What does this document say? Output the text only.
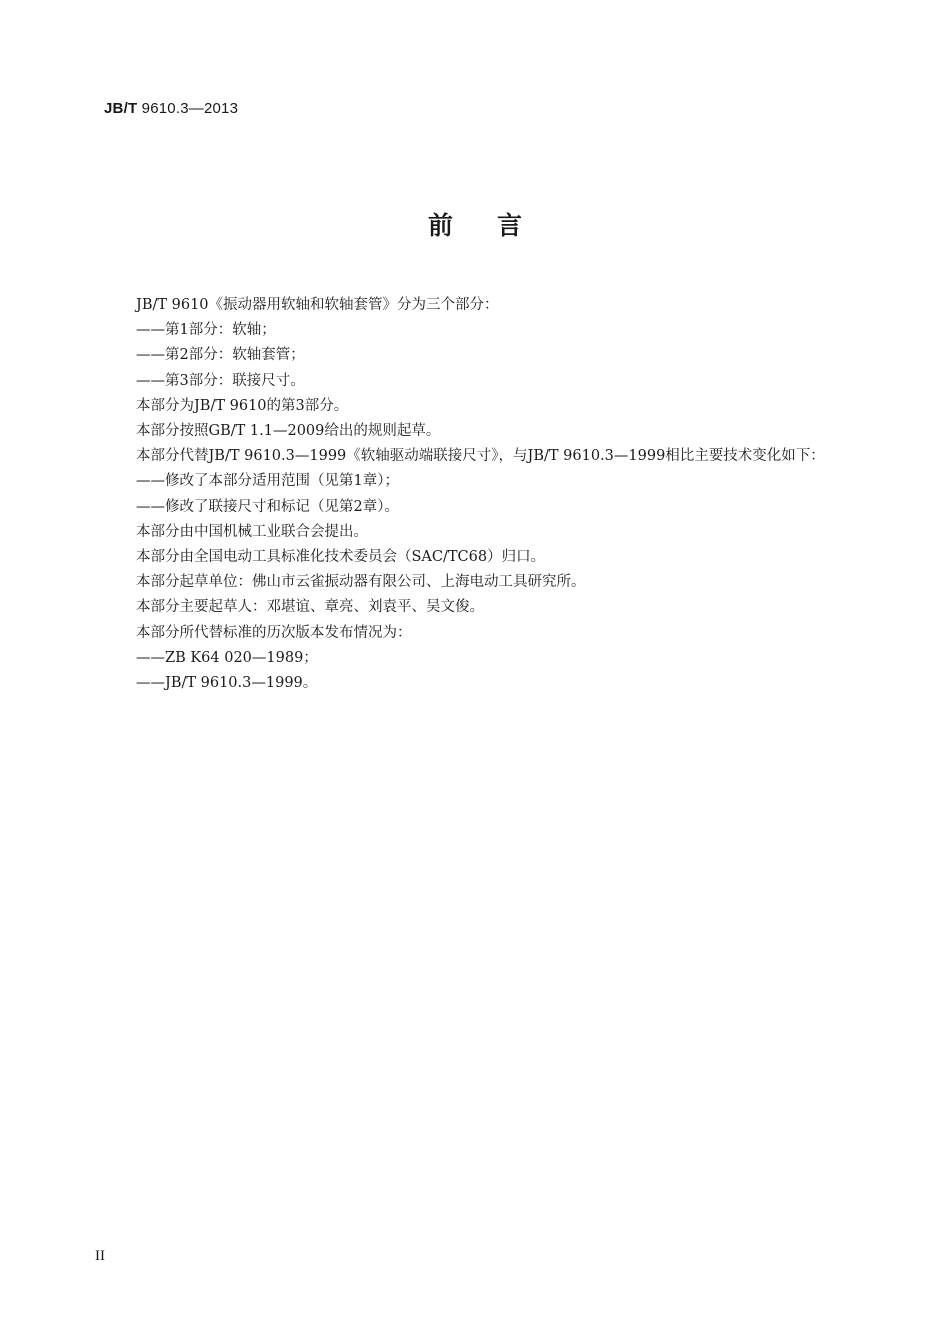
JB/T 9610.3—2013
前言

JB/T 9610《振动器用软轴和软轴套管》分为三个部分：

——第1部分：软轴；

——第2部分：软轴套管；

——第3部分：联接尺寸。

本部分为JB/T 9610的第3部分。

本部分按照GB/T 1.1—2009给出的规则起草。

本部分代替JB/T 9610.3—1999《软轴驱动端联接尺寸》，与JB/T 9610.3—1999相比主要技术变化如下：

——修改了本部分适用范围（见第1章）；

——修改了联接尺寸和标记（见第2章）。

本部分由中国机械工业联合会提出。

本部分由全国电动工具标准化技术委员会（SAC/TC68）归口。

本部分起草单位：佛山市云雀振动器有限公司、上海电动工具研究所。

本部分主要起草人：邓堪谊、章亮、刘袁平、吴文俊。

本部分所代替标准的历次版本发布情况为：

——ZB K64 020—1989；

——JB/T 9610.3—1999。

II
